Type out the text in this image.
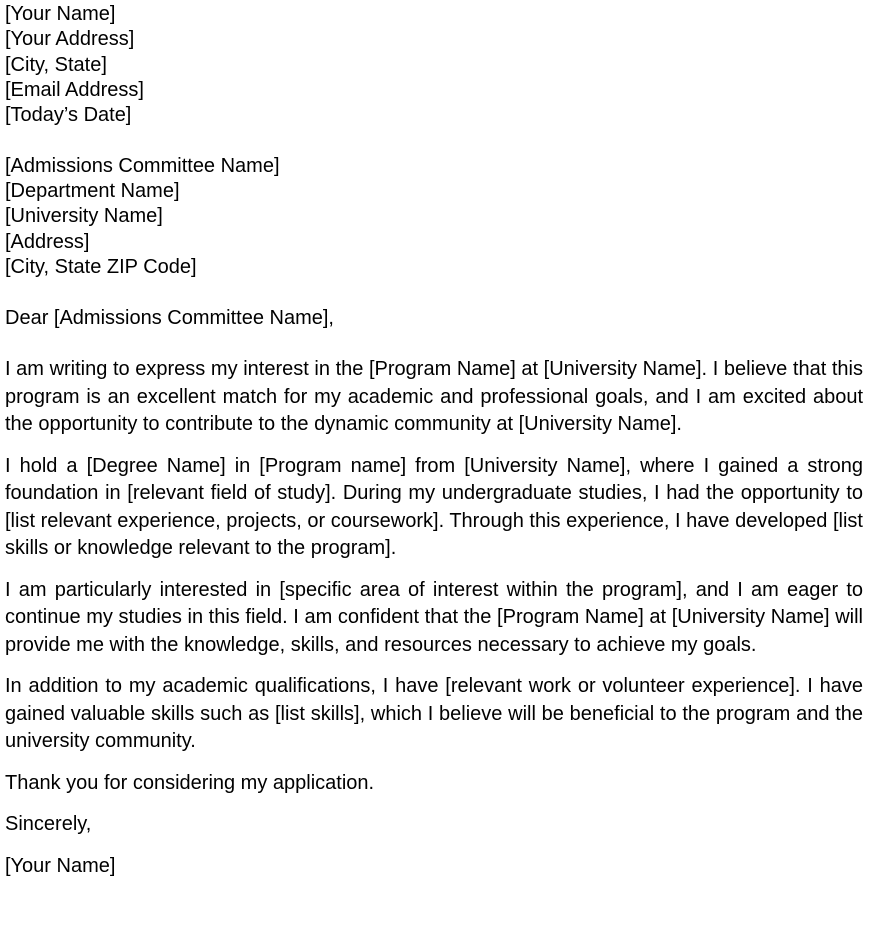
[Your Name]
[Your Address]
[City, State]
[Email Address]
[Today’s Date]
[Admissions Committee Name]
[Department Name]
[University Name]
[Address]
[City, State ZIP Code]
Dear [Admissions Committee Name],

I am writing to express my interest in the [Program Name] at [University Name]. I believe that this program is an excellent match for my academic and professional goals, and I am excited about the opportunity to contribute to the dynamic community at [University Name].

I hold a [Degree Name] in [Program name] from [University Name], where I gained a strong foundation in [relevant field of study]. During my undergraduate studies, I had the opportunity to [list relevant experience, projects, or coursework]. Through this experience, I have developed [list skills or knowledge relevant to the program].

I am particularly interested in [specific area of interest within the program], and I am eager to continue my studies in this field. I am confident that the [Program Name] at [University Name] will provide me with the knowledge, skills, and resources necessary to achieve my goals.

In addition to my academic qualifications, I have [relevant work or volunteer experience]. I have gained valuable skills such as [list skills], which I believe will be beneficial to the program and the university community.

Thank you for considering my application.

Sincerely,

[Your Name]
